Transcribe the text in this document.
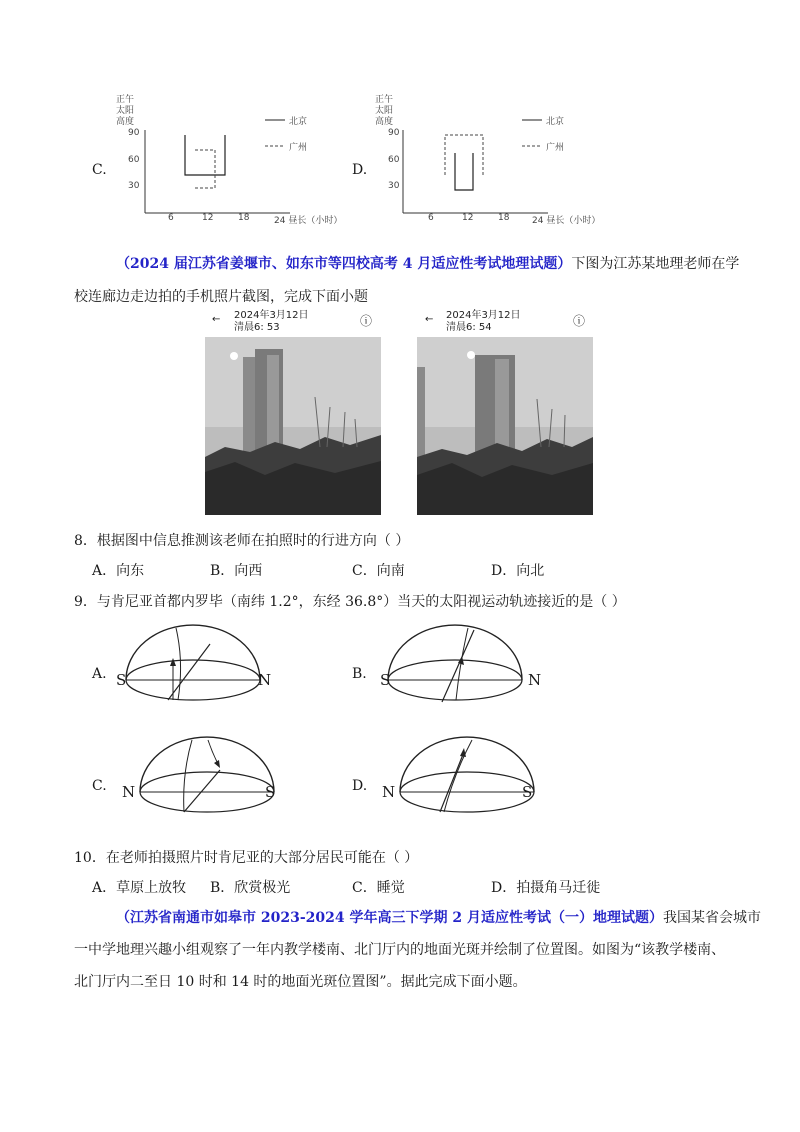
C.
正午
太阳
高度
90
60
30
6	12	18	24 昼长（小时）
北京
广州
D.
正午
太阳
高度
90
60
30
6	12	18	24 昼长（小时）
北京
广州
（2024 届江苏省姜堰市、如东市等四校高考 4 月适应性考试地理试题）下图为江苏某地理老师在学
校连廊边走边拍的手机照片截图，完成下面小题
← 2024年3月12日
清晨6: 53	ⓘ	← 2024年3月12日
清晨6: 54	ⓘ
8．根据图中信息推测该老师在拍照时的行进方向（ ）
A．向东	B．向西	C．向南	D．向北
9．与肯尼亚首都内罗毕（南纬 1.2°，东经 36.8°）当天的太阳视运动轨迹接近的是（ ）
A. S	N	B. S	N
C. N	S	D. N	S
10．在老师拍摄照片时肯尼亚的大部分居民可能在（ ）
A．草原上放牧 B．欣赏极光	C．睡觉	D．拍摄角马迁徙
（江苏省南通市如皋市 2023-2024 学年高三下学期 2 月适应性考试（一）地理试题）我国某省会城市
一中学地理兴趣小组观察了一年内教学楼南、北门厅内的地面光斑并绘制了位置图。如图为“该教学楼南、
北门厅内二至日 10 时和 14 时的地面光斑位置图”。据此完成下面小题。
